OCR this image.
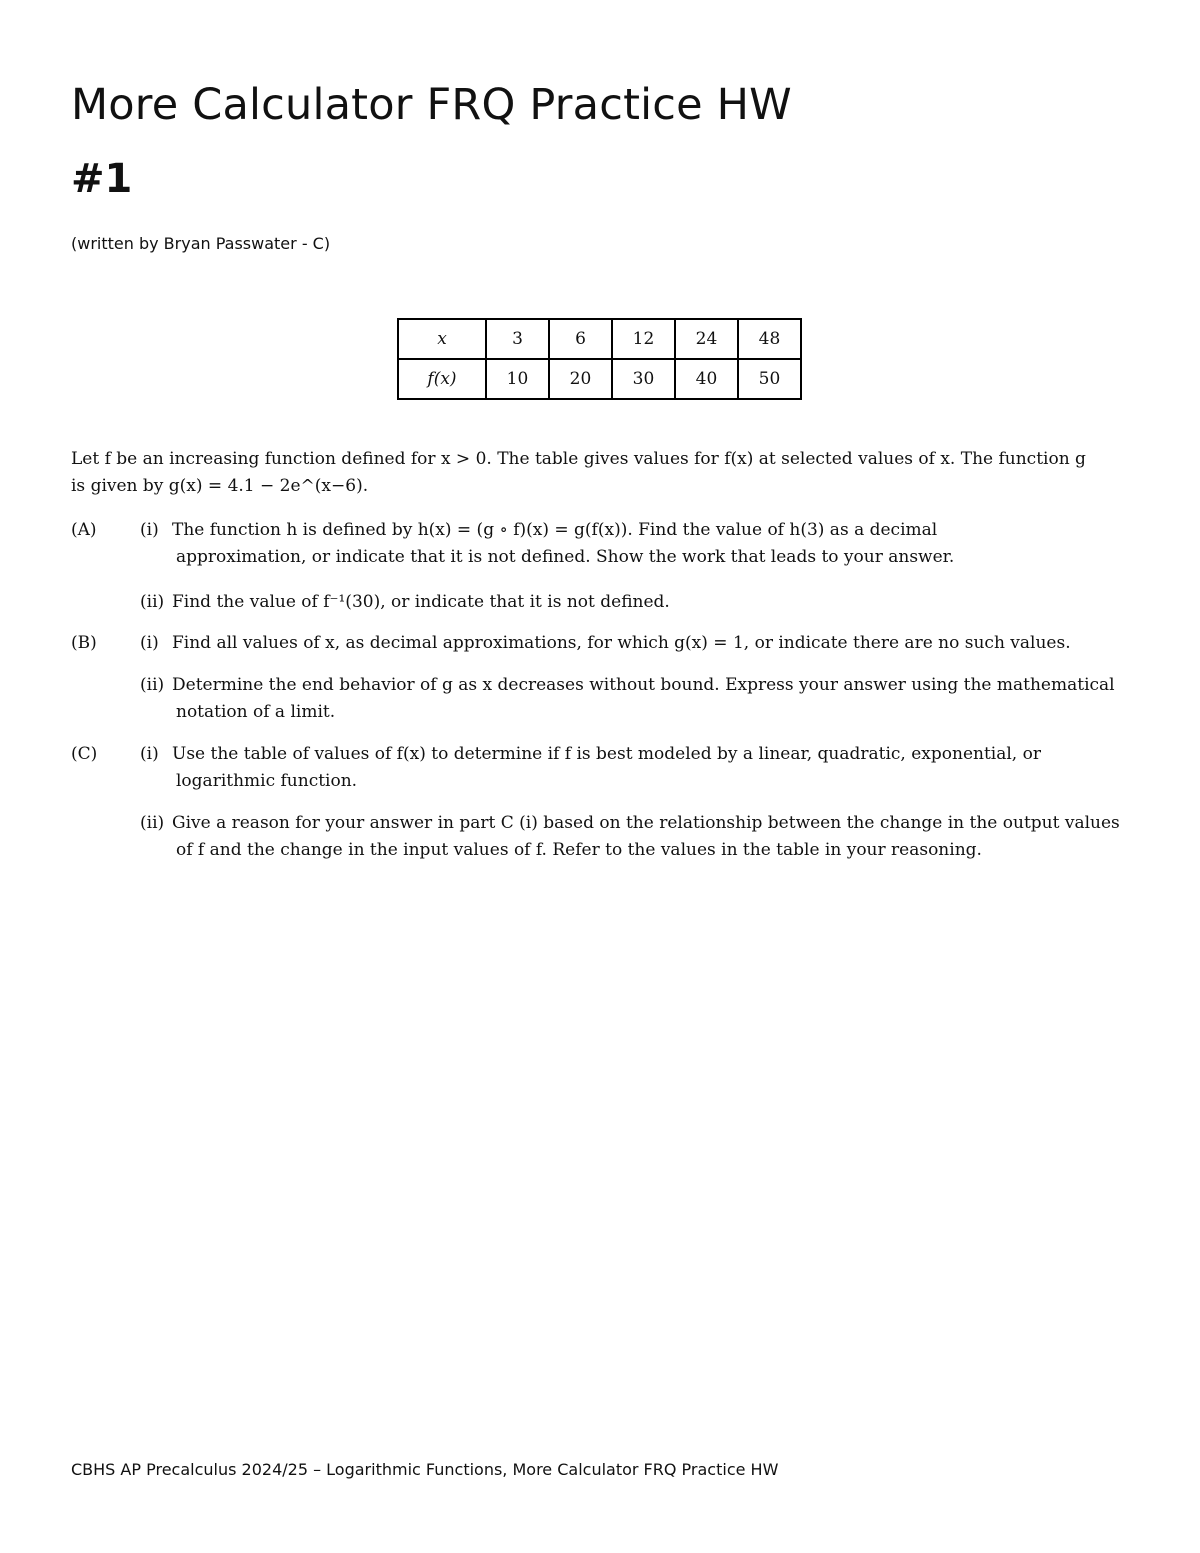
More Calculator FRQ Practice HW
#1
(written by Bryan Passwater - C)
x	3	6	12	24	48
f(x)	10	20	30	40	50
Let f be an increasing function defined for x > 0. The table gives values for f(x) at selected values of x. The function g
is given by g(x) = 4.1 − 2e^(x−6).
(A)	(i) The function h is defined by h(x) = (g ∘ f)(x) = g(f(x)). Find the value of h(3) as a decimal
approximation, or indicate that it is not defined. Show the work that leads to your answer.
(ii) Find the value of f⁻¹(30), or indicate that it is not defined.
(B)	(i) Find all values of x, as decimal approximations, for which g(x) = 1, or indicate there are no such values.
(ii) Determine the end behavior of g as x decreases without bound. Express your answer using the mathematical
notation of a limit.
(C)	(i) Use the table of values of f(x) to determine if f is best modeled by a linear, quadratic, exponential, or
logarithmic function.
(ii) Give a reason for your answer in part C (i) based on the relationship between the change in the output values
of f and the change in the input values of f. Refer to the values in the table in your reasoning.
CBHS AP Precalculus 2024/25 – Logarithmic Functions, More Calculator FRQ Practice HW
